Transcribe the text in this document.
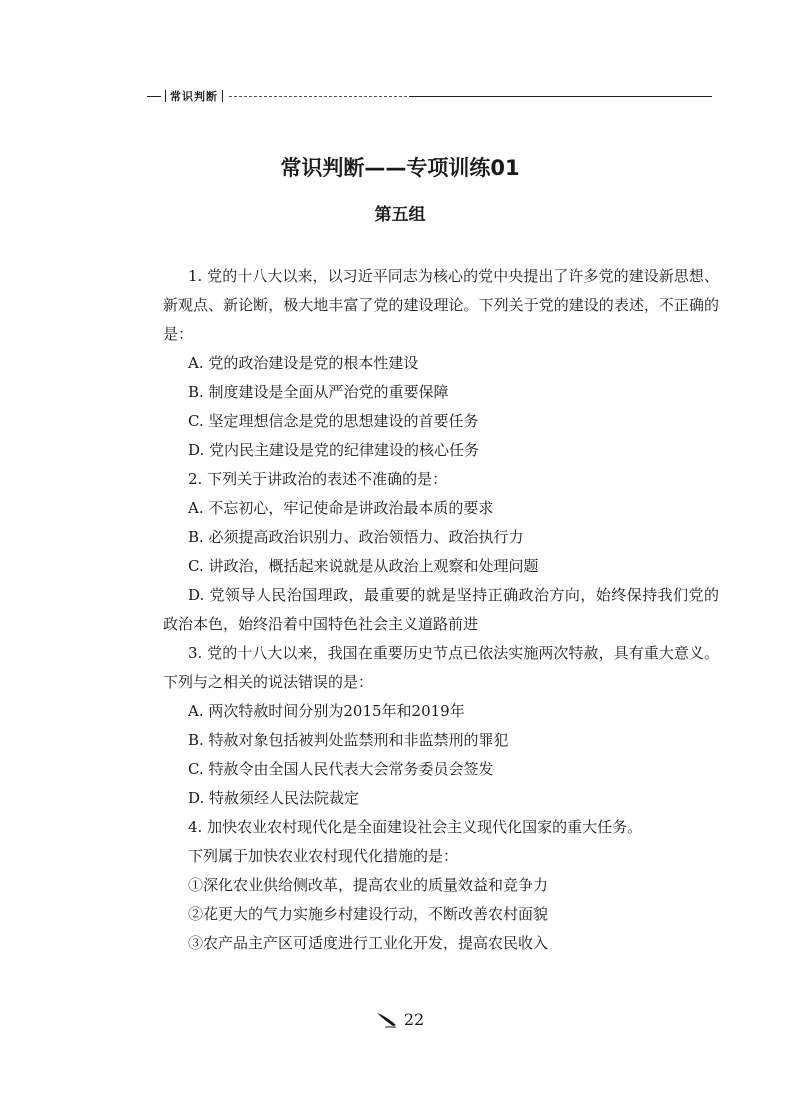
常识判断
常识判断——专项训练01
第五组
1. 党的十八大以来，以习近平同志为核心的党中央提出了许多党的建设新思想、
新观点、新论断，极大地丰富了党的建设理论。下列关于党的建设的表述，不正确的
是：
A. 党的政治建设是党的根本性建设
B. 制度建设是全面从严治党的重要保障
C. 坚定理想信念是党的思想建设的首要任务
D. 党内民主建设是党的纪律建设的核心任务
2. 下列关于讲政治的表述不准确的是：
A. 不忘初心，牢记使命是讲政治最本质的要求
B. 必须提高政治识别力、政治领悟力、政治执行力
C. 讲政治，概括起来说就是从政治上观察和处理问题
D. 党领导人民治国理政，最重要的就是坚持正确政治方向，始终保持我们党的
政治本色，始终沿着中国特色社会主义道路前进
3. 党的十八大以来，我国在重要历史节点已依法实施两次特赦，具有重大意义。
下列与之相关的说法错误的是：
A. 两次特赦时间分别为2015年和2019年
B. 特赦对象包括被判处监禁刑和非监禁刑的罪犯
C. 特赦令由全国人民代表大会常务委员会签发
D. 特赦须经人民法院裁定
4. 加快农业农村现代化是全面建设社会主义现代化国家的重大任务。
下列属于加快农业农村现代化措施的是：
①深化农业供给侧改革，提高农业的质量效益和竞争力
②花更大的气力实施乡村建设行动，不断改善农村面貌
③农产品主产区可适度进行工业化开发，提高农民收入
22
